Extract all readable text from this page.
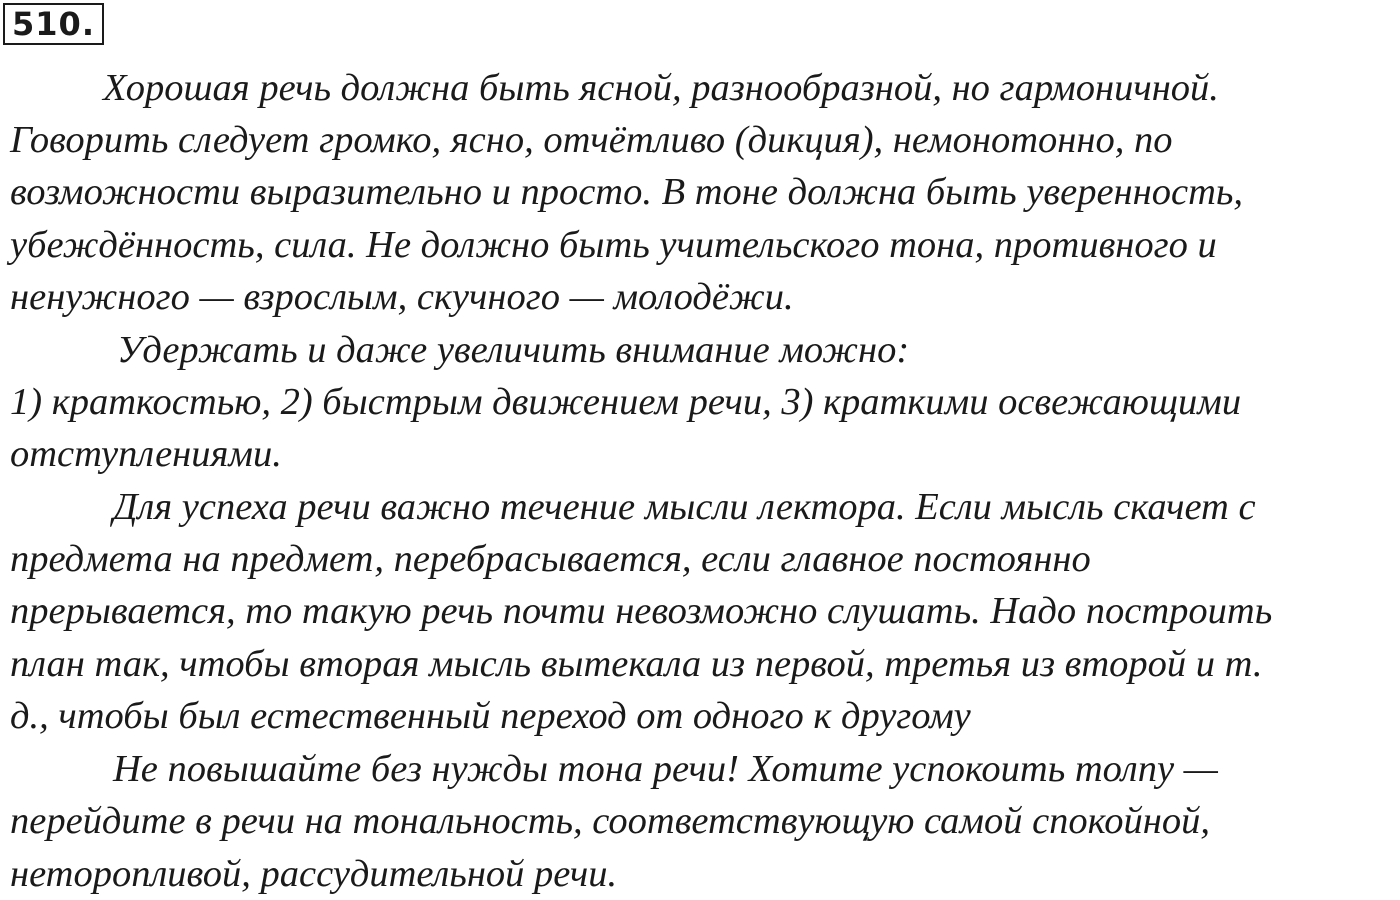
510.
Хорошая речь должна быть ясной, разнообразной, но гармоничной.
Говорить следует громко, ясно, отчётливо (дикция), немонотонно, по
возможности выразительно и просто. В тоне должна быть уверенность,
убеждённость, сила. Не должно быть учительского тона, противного и
ненужного — взрослым, скучного — молодёжи.
Удержать и даже увеличить внимание можно:
1) краткостью, 2) быстрым движением речи, 3) краткими освежающими
отступлениями.
Для успеха речи важно течение мысли лектора. Если мысль скачет с
предмета на предмет, перебрасывается, если главное постоянно
прерывается, то такую речь почти невозможно слушать. Надо построить
план так, чтобы вторая мысль вытекала из первой, третья из второй и т.
д., чтобы был естественный переход от одного к другому
Не повышайте без нужды тона речи! Хотите успокоить толпу —
перейдите в речи на тональность, соответствующую самой спокойной,
неторопливой, рассудительной речи.
